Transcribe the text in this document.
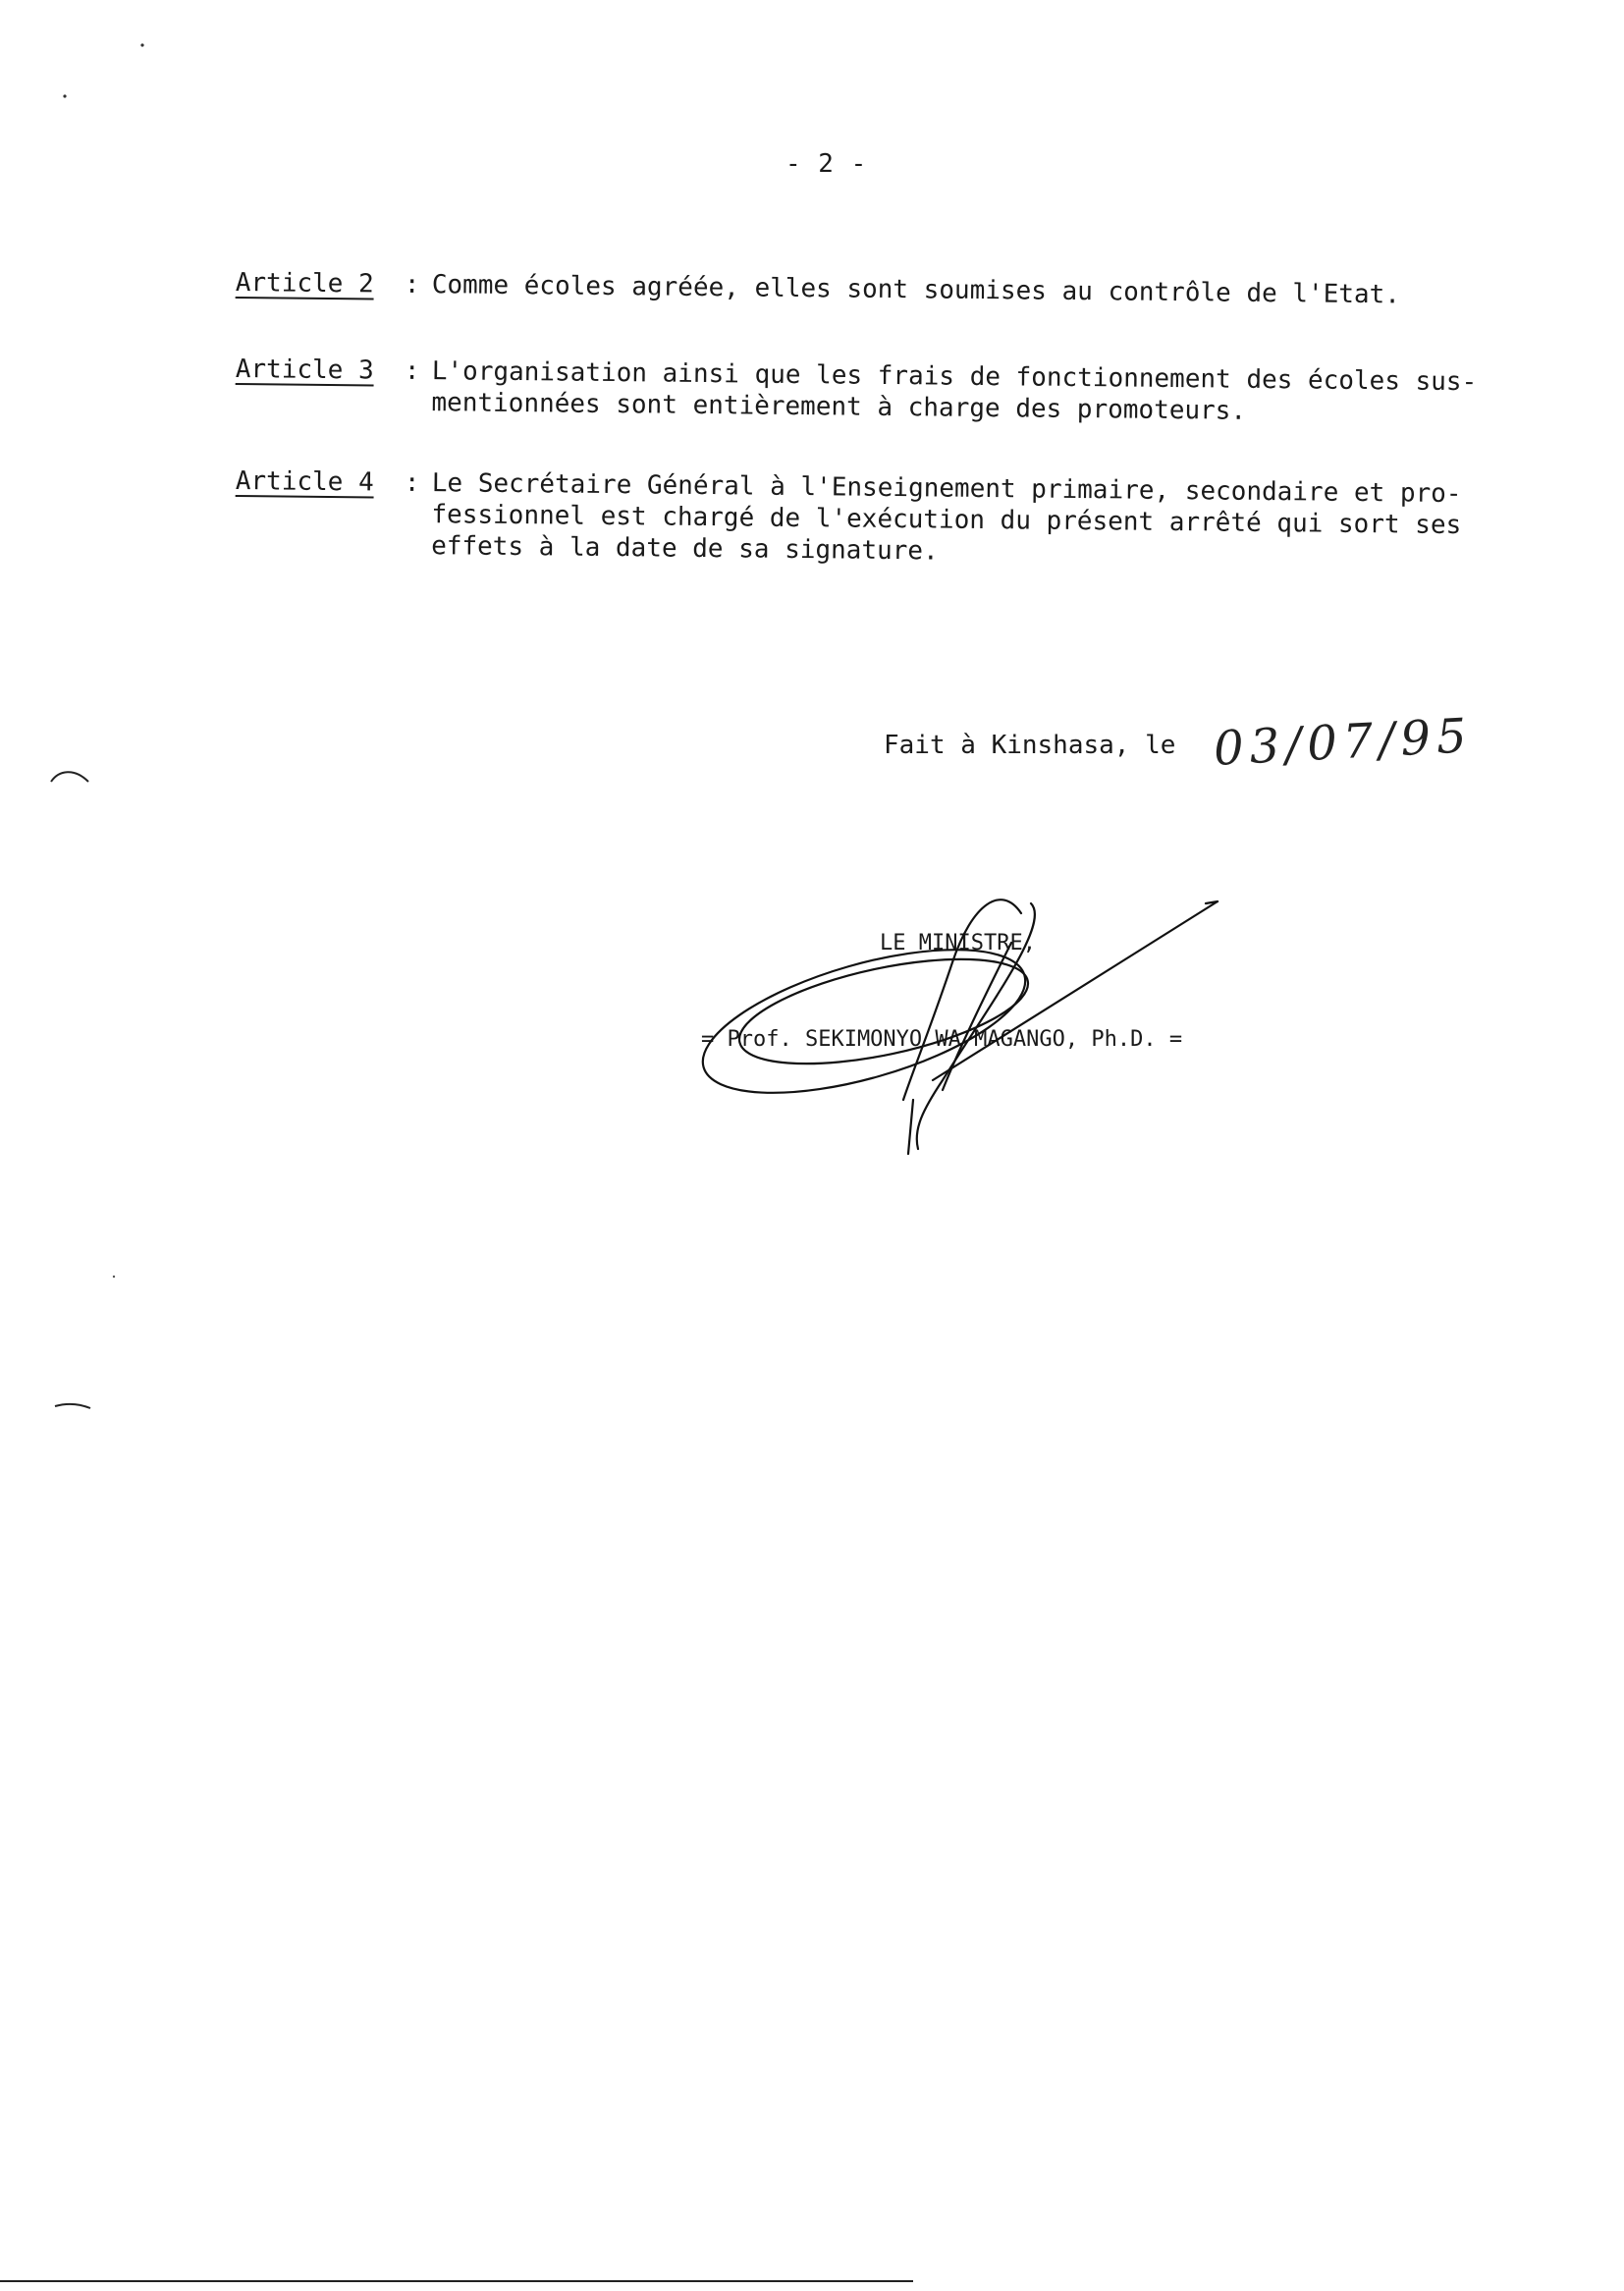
- 2 -
Article 2 : Comme écoles agréée, elles sont soumises au contrôle de l'Etat.
Article 3 : L'organisation ainsi que les frais de fonctionnement des écoles sus-mentionnées sont entièrement à charge des promoteurs.
Article 4 : Le Secrétaire Général à l'Enseignement primaire, secondaire et pro-fessionnel est chargé de l'exécution du présent arrêté qui sort ses effets à la date de sa signature.
Fait à Kinshasa, le 03/07/95
LE MINISTRE,
= Prof. SEKIMONYO WA MAGANGO, Ph.D. =
